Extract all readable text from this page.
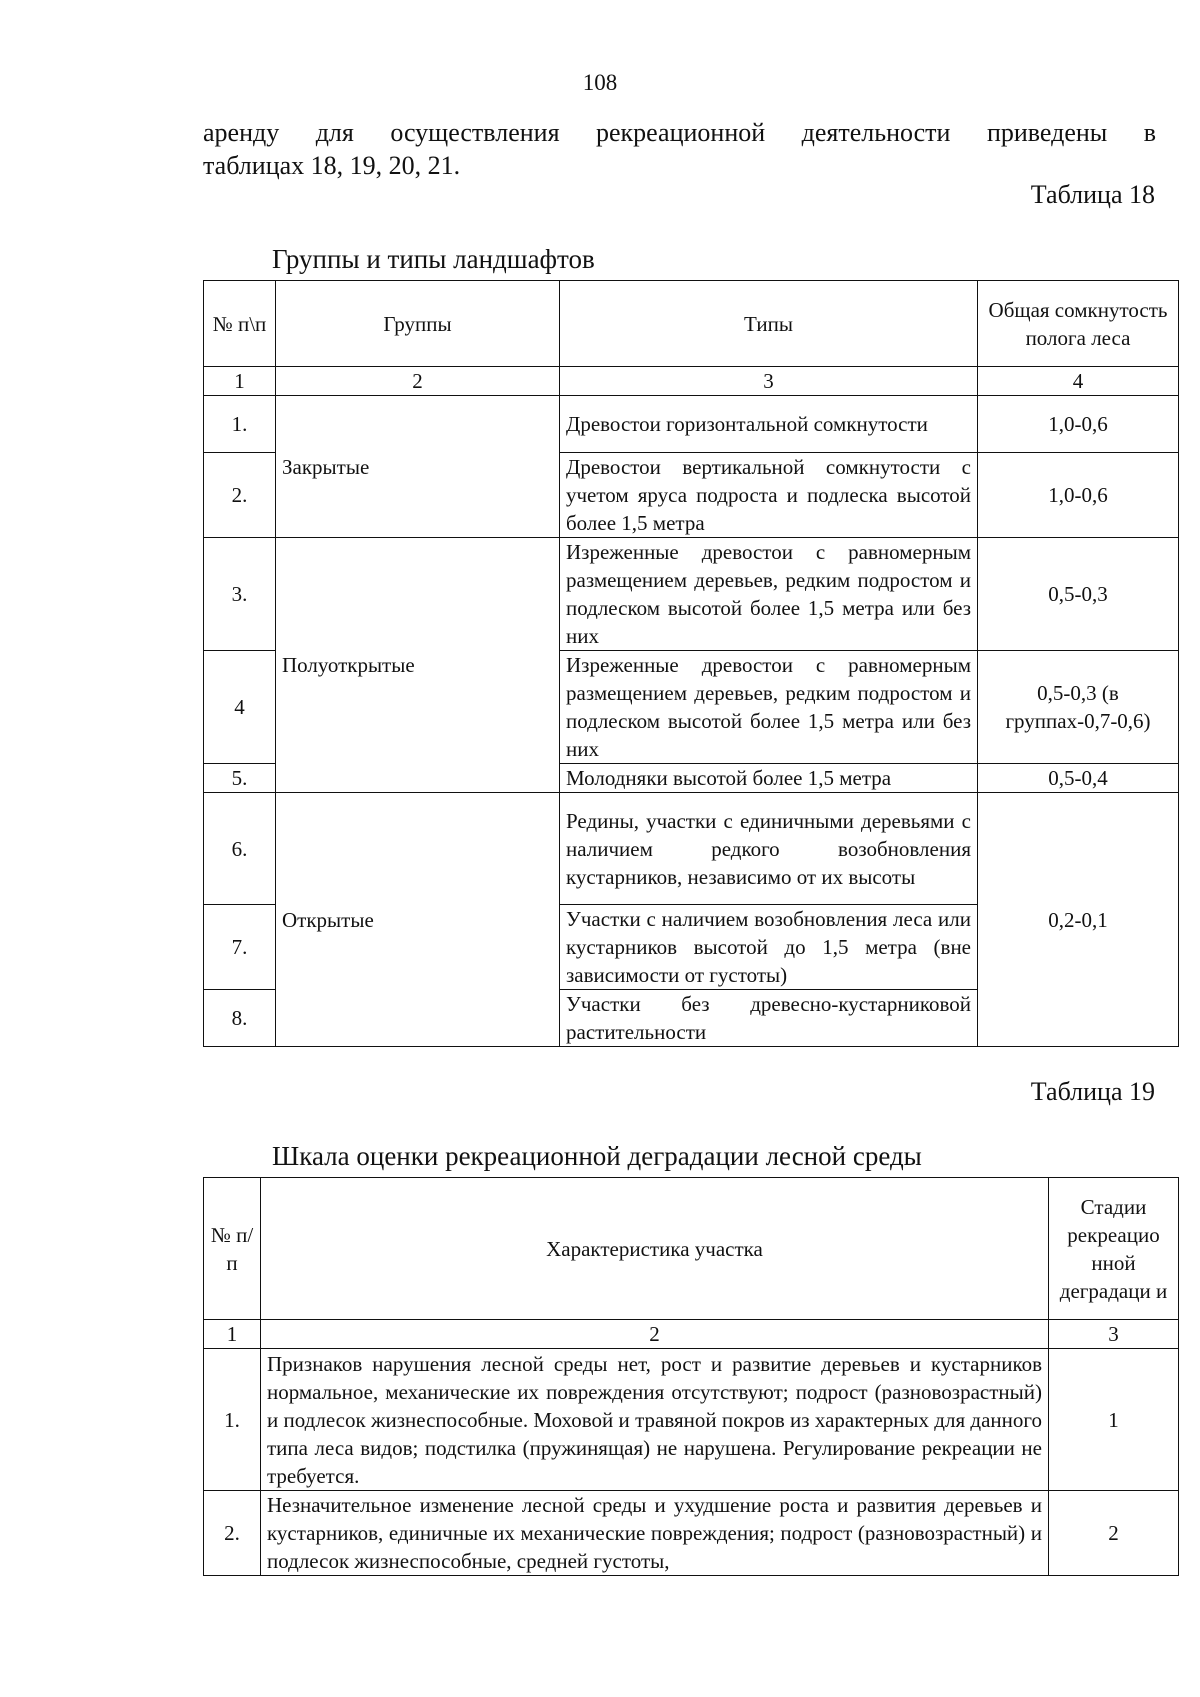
108
аренду для осуществления рекреационной деятельности приведены в
таблицах 18, 19, 20, 21.
Таблица 18
Группы и типы ландшафтов
№ п\п	Группы	Типы	Общая сомкнутость полога леса
1	2	3	4
1.	Закрытые	Древостои горизонтальной сомкнутости	1,0-0,6
2.		Древостои вертикальной сомкнутости с учетом яруса подроста и подлеска высотой более 1,5 метра	1,0-0,6
3.	Полуоткрытые	Изреженные древостои с равномерным размещением деревьев, редким подростом и подлеском высотой более 1,5 метра или без них	0,5-0,3
4		Изреженные древостои с равномерным размещением деревьев, редким подростом и подлеском высотой более 1,5 метра или без них	0,5-0,3 (в группах-0,7-0,6)
5.		Молодняки высотой более 1,5 метра	0,5-0,4
6.	Открытые	Редины, участки с единичными деревьями с наличием редкого возобновления кустарников, независимо от их высоты	0,2-0,1
7.		Участки с наличием возобновления леса или кустарников высотой до 1,5 метра (вне зависимости от густоты)	
8.		Участки без древесно-кустарниковой растительности	
Таблица 19
Шкала оценки рекреационной деградации лесной среды
№ п/п	Характеристика участка	Стадии рекреацио нной деградаци и
1	2	3
1.	Признаков нарушения лесной среды нет, рост и развитие деревьев и кустарников нормальное, механические их повреждения отсутствуют; подрост (разновозрастный) и подлесок жизнеспособные. Моховой и травяной покров из характерных для данного типа леса видов; подстилка (пружинящая) не нарушена. Регулирование рекреации не требуется.	1
2.	Незначительное изменение лесной среды и ухудшение роста и развития деревьев и кустарников, единичные их механические повреждения; подрост (разновозрастный) и подлесок жизнеспособные, средней густоты,	2
